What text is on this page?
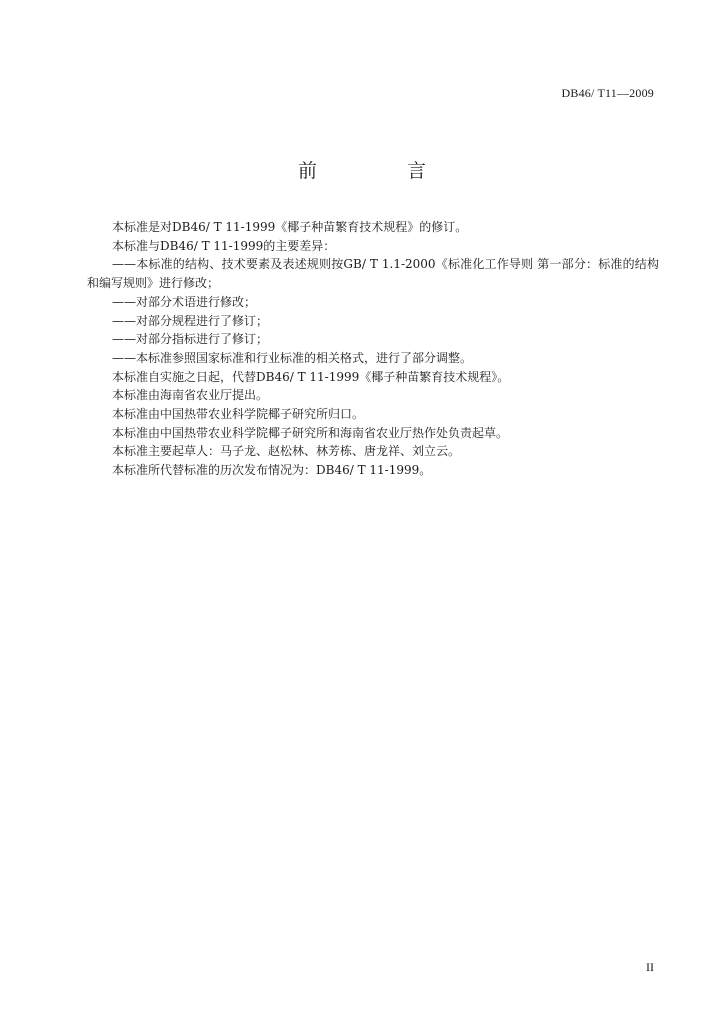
DB46/ T11—2009
前 言

本标准是对DB46/ T 11-1999《椰子种苗繁育技术规程》的修订。

本标准与DB46/ T 11-1999的主要差异：

——本标准的结构、技术要素及表述规则按GB/ T 1.1-2000《标准化工作导则 第一部分：标准的结构和编写规则》进行修改；

——对部分术语进行修改；

——对部分规程进行了修订；

——对部分指标进行了修订；

——本标准参照国家标准和行业标准的相关格式，进行了部分调整。

本标准自实施之日起，代替DB46/ T 11-1999《椰子种苗繁育技术规程》。

本标准由海南省农业厅提出。

本标准由中国热带农业科学院椰子研究所归口。

本标准由中国热带农业科学院椰子研究所和海南省农业厅热作处负责起草。

本标准主要起草人：马子龙、赵松林、林芳栋、唐龙祥、刘立云。

本标准所代替标准的历次发布情况为：DB46/ T 11-1999。

II
